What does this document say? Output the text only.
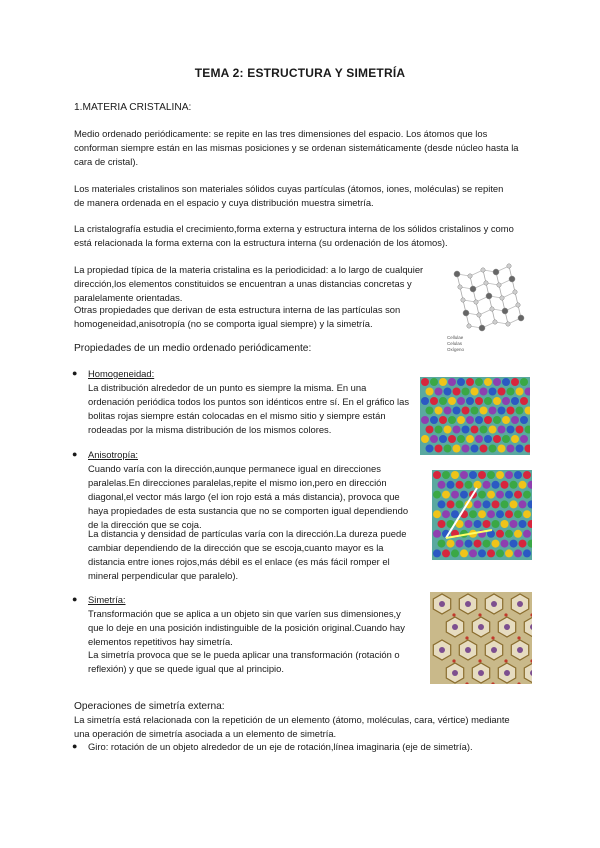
TEMA 2: ESTRUCTURA Y SIMETRÍA
1.MATERIA CRISTALINA:

Medio ordenado periódicamente: se repite en las tres dimensiones del espacio. Los átomos que los conforman siempre están en las mismas posiciones y se ordenan sistemáticamente (desde núcleo hasta la cara de cristal).

Los materiales cristalinos son materiales sólidos cuyas partículas (átomos, iones, moléculas) se repiten de manera ordenada en el espacio y cuya distribución muestra simetría.

La cristalografía estudia el crecimiento,forma externa y estructura interna de los sólidos cristalinos y como está relacionada la forma externa con la estructura interna (su ordenación de los átomos).

La propiedad típica de la materia cristalina es la periodicidad: a lo largo de cualquier dirección,los elementos constituidos se encuentran a unas distancias concretas y paralelamente orientadas.

Otras propiedades que derivan de esta estructura interna de las partículas son homogeneidad,anisotropía (no se comporta igual siempre) y la simetría.

Cellulae
Celulas
Oxígeno
Propiedades de un medio ordenado periódicamente:
● Homogeneidad:

La distribución alrededor de un punto es siempre la misma. En una ordenación periódica todos los puntos son idénticos entre sí. En el gráfico las bolitas rojas siempre están colocadas en el mismo sitio y siempre están rodeadas por la misma distribución de los mismos colores.

● Anisotropía:

Cuando varía con la dirección,aunque permanece igual en direcciones paralelas.En direcciones paralelas,repite el mismo ion,pero en dirección diagonal,el vector más largo (el ion rojo está a más distancia), provoca que haya propiedades de esta sustancia que no se comporten igual dependiendo de la dirección que se coja.

La distancia y densidad de partículas varía con la dirección.La dureza puede cambiar dependiendo de la dirección que se escoja,cuanto mayor es la distancia entre iones rojos,más débil es el enlace (es más fácil romper el mineral perpendicular que paralelo).

● Simetría:

Transformación que se aplica a un objeto sin que varíen sus dimensiones,y que lo deje en una posición indistinguible de la posición original.Cuando hay elementos repetitivos hay simetría.

La simetría provoca que se le pueda aplicar una transformación (rotación o reflexión) y que se quede igual que al principio.

Operaciones de simetría externa:

La simetría está relacionada con la repetición de un elemento (átomo, moléculas, cara, vértice) mediante una operación de simetría asociada a un elemento de simetría.

● Giro: rotación de un objeto alrededor de un eje de rotación,línea imaginaria (eje de simetría).
